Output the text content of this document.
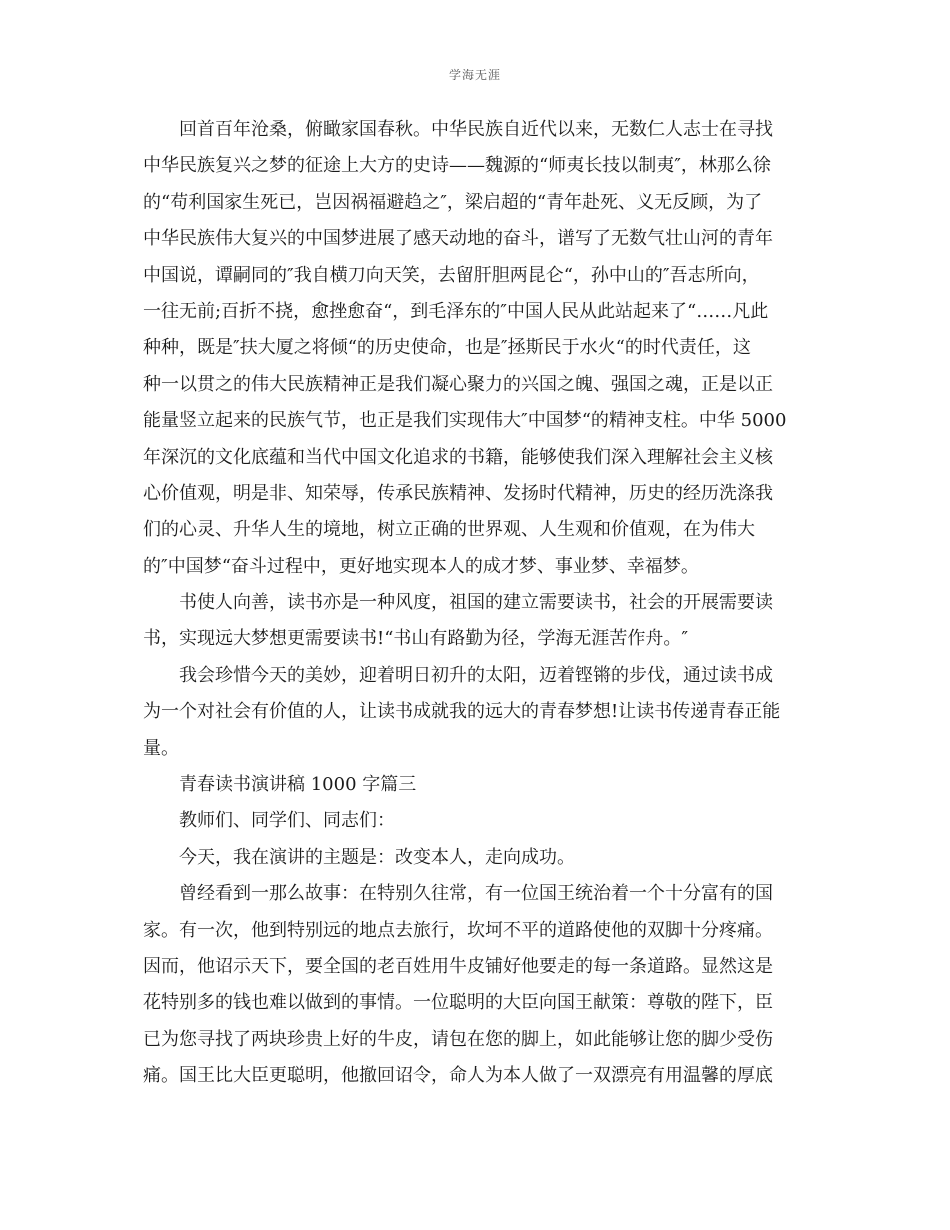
学海无涯
回首百年沧桑，俯瞰家国春秋。中华民族自近代以来，无数仁人志士在寻找
中华民族复兴之梦的征途上大方的史诗——魏源的“师夷长技以制夷″，林那么徐
的“苟利国家生死已，岂因祸福避趋之″，梁启超的“青年赴死、义无反顾，为了
中华民族伟大复兴的中国梦进展了感天动地的奋斗，谱写了无数气壮山河的青年
中国说，谭嗣同的″我自横刀向天笑，去留肝胆两昆仑“，孙中山的″吾志所向，
一往无前;百折不挠，愈挫愈奋“，到毛泽东的″中国人民从此站起来了“……凡此
种种，既是″扶大厦之将倾“的历史使命，也是″拯斯民于水火“的时代责任，这
种一以贯之的伟大民族精神正是我们凝心聚力的兴国之魄、强国之魂，正是以正
能量竖立起来的民族气节，也正是我们实现伟大″中国梦“的精神支柱。中华 5000
年深沉的文化底蕴和当代中国文化追求的书籍，能够使我们深入理解社会主义核
心价值观，明是非、知荣辱，传承民族精神、发扬时代精神，历史的经历洗涤我
们的心灵、升华人生的境地，树立正确的世界观、人生观和价值观，在为伟大
的″中国梦“奋斗过程中，更好地实现本人的成才梦、事业梦、幸福梦。
书使人向善，读书亦是一种风度，祖国的建立需要读书，社会的开展需要读
书，实现远大梦想更需要读书!“书山有路勤为径，学海无涯苦作舟。″
我会珍惜今天的美妙，迎着明日初升的太阳，迈着铿锵的步伐，通过读书成
为一个对社会有价值的人，让读书成就我的远大的青春梦想!让读书传递青春正能
量。
青春读书演讲稿 1000 字篇三
教师们、同学们、同志们：
今天，我在演讲的主题是：改变本人，走向成功。
曾经看到一那么故事：在特别久往常，有一位国王统治着一个十分富有的国
家。有一次，他到特别远的地点去旅行，坎坷不平的道路使他的双脚十分疼痛。
因而，他诏示天下，要全国的老百姓用牛皮铺好他要走的每一条道路。显然这是
花特别多的钱也难以做到的事情。一位聪明的大臣向国王献策：尊敬的陛下，臣
已为您寻找了两块珍贵上好的牛皮，请包在您的脚上，如此能够让您的脚少受伤
痛。国王比大臣更聪明，他撤回诏令，命人为本人做了一双漂亮有用温馨的厚底
